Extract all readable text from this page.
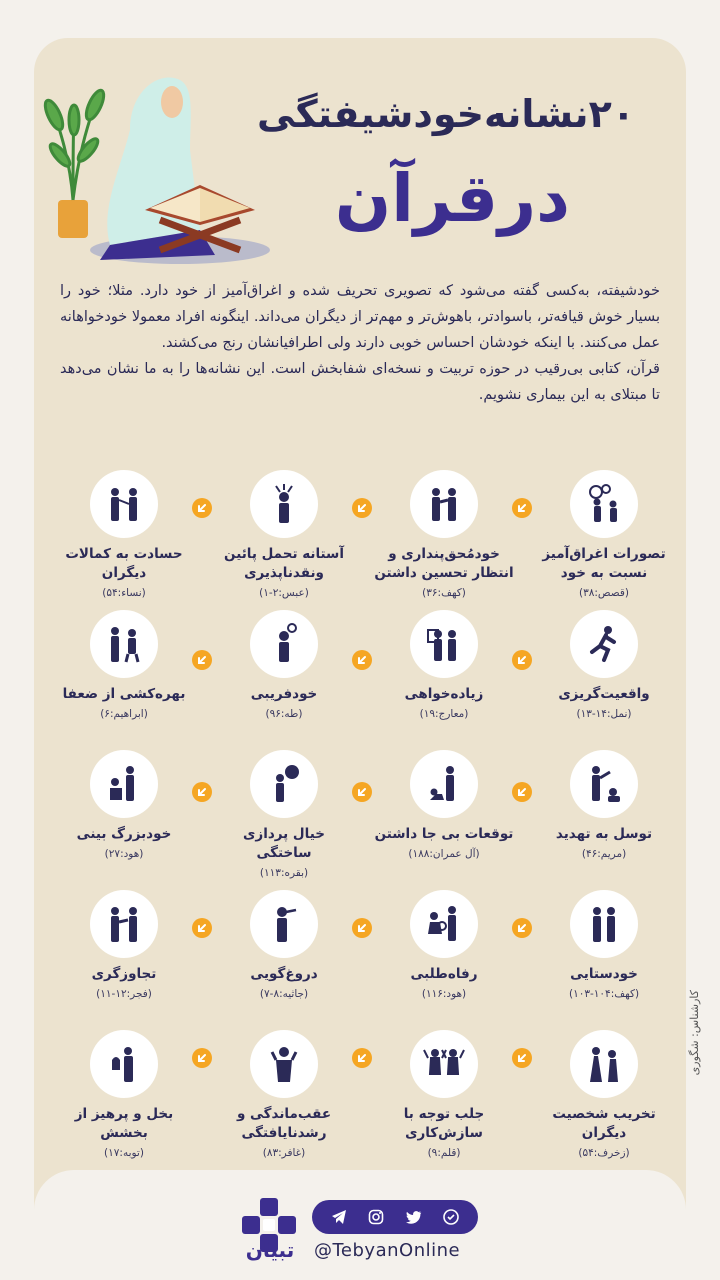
۲۰نشانه‌خودشیفتگی
درقرآن

خودشیفته، به‌کسی گفته می‌شود که تصویری تحریف شده و اغراق‌آمیز از خود دارد. مثلا؛ خود را بسیار خوش قیافه‌تر، باسوادتر، باهوش‌تر و مهم‌تر از دیگران می‌داند. اینگونه افراد معمولا خودخواهانه عمل می‌کنند. با اینکه خودشان احساس خوبی دارند ولی اطرافیانشان رنج می‌کشند.

قرآن، کتابی بی‌رقیب در حوزه تربیت و نسخه‌ای شفابخش است. این نشانه‌ها را به ما نشان می‌دهد تا مبتلای به این بیماری نشویم.

تصورات اغراق‌آمیز نسبت به خود
(قصص:۳۸)
خودمُحق‌پنداری و انتظار تحسین داشتن
(کهف:۳۶)
آستانه تحمل پائین ونقدناپذیری
(عبس:۲-۱)
حسادت به کمالات دیگران
(نساء:۵۴)
واقعیت‌گریزی
(نمل:۱۴-۱۳)
زیاده‌خواهی
(معارج:۱۹)
خودفریبی
(طه:۹۶)
بهره‌کشی از ضعفا
(ابراهیم:۶)
توسل به تهدید
(مریم:۴۶)
توقعات بی جا داشتن
(آل عمران:۱۸۸)
خیال پردازی ساختگی
(بقره:۱۱۳)
خودبزرگ بینی
(هود:۲۷)
خودستایی
(کهف:۱۰۴-۱۰۳)
رفاه‌طلبی
(هود:۱۱۶)
دروغ‌گویی
(جاثیه:۸-۷)
تجاوزگری
(فجر:۱۲-۱۱)
تخریب شخصیت دیگران
(زخرف:۵۴)
جلب توجه با سازش‌کاری
(قلم:۹)
عقب‌ماندگی و رشدنایافتگی
(غافر:۸۳)
بخل و پرهیز از بخشش
(توبه:۱۷)
کارشناس: شگوری
تبیان	@TebyanOnline
